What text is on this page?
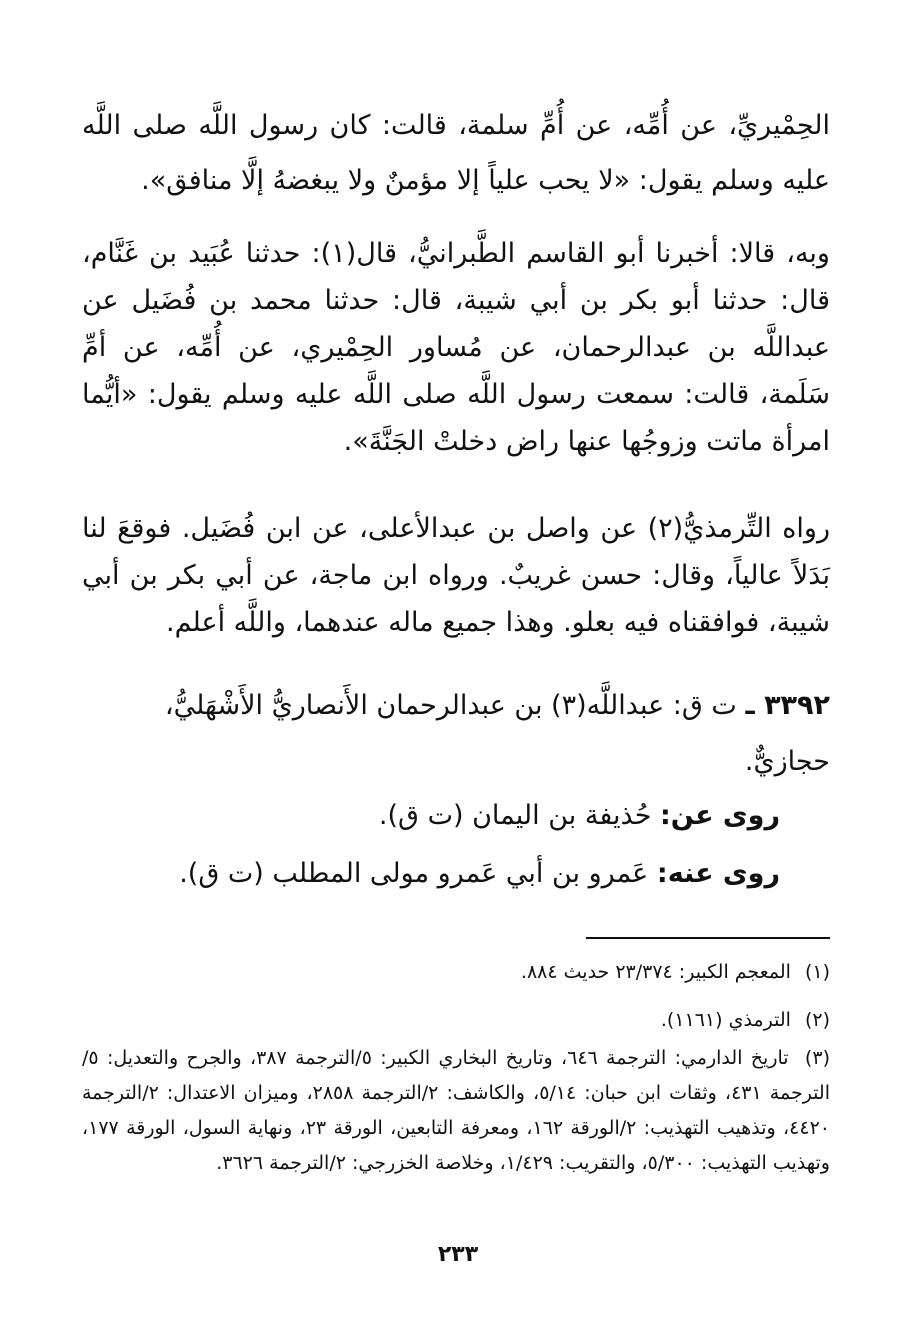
الحِمْيريِّ، عن أُمِّه، عن أُمِّ سلمة، قالت: كان رسول اللَّه صلى اللَّه عليه وسلم يقول: «لا يحب علياً إلا مؤمنٌ ولا يبغضهُ إلَّا منافق».

وبه، قالا: أخبرنا أبو القاسم الطَّبرانيُّ، قال(١): حدثنا عُبَيد بن غَنَّام، قال: حدثنا أبو بكر بن أبي شيبة، قال: حدثنا محمد بن فُضَيل عن عبداللَّه بن عبدالرحمان، عن مُساور الحِمْيري، عن أُمِّه، عن أمِّ سَلَمة، قالت: سمعت رسول اللَّه صلى اللَّه عليه وسلم يقول: «أيُّما امرأة ماتت وزوجُها عنها راض دخلتْ الجَنَّةَ».

رواه التِّرمذيُّ(٢) عن واصل بن عبدالأعلى، عن ابن فُضَيل. فوقعَ لنا بَدَلاً عالياً، وقال: حسن غريبٌ. ورواه ابن ماجة، عن أبي بكر بن أبي شيبة، فوافقناه فيه بعلو. وهذا جميع ماله عندهما، واللَّه أعلم.

٣٣٩٢ ـ ت ق: عبداللَّه(٣) بن عبدالرحمان الأَنصاريُّ الأَشْهَليُّ، حجازيٌّ.

روى عن: حُذيفة بن اليمان (ت ق).

روى عنه: عَمرو بن أبي عَمرو مولى المطلب (ت ق).

(١) المعجم الكبير: ٢٣/٣٧٤ حديث ٨٨٤.

(٢) الترمذي (١١٦١).

(٣) تاريخ الدارمي: الترجمة ٦٤٦، وتاريخ البخاري الكبير: ٥/الترجمة ٣٨٧، والجرح والتعديل: ٥/الترجمة ٤٣١، وثقات ابن حبان: ٥/١٤، والكاشف: ٢/الترجمة ٢٨٥٨، وميزان الاعتدال: ٢/الترجمة ٤٤٢٠، وتذهيب التهذيب: ٢/الورقة ١٦٢، ومعرفة التابعين، الورقة ٢٣، ونهاية السول، الورقة ١٧٧، وتهذيب التهذيب: ٥/٣٠٠، والتقريب: ١/٤٢٩، وخلاصة الخزرجي: ٢/الترجمة ٣٦٢٦.

٢٣٣
